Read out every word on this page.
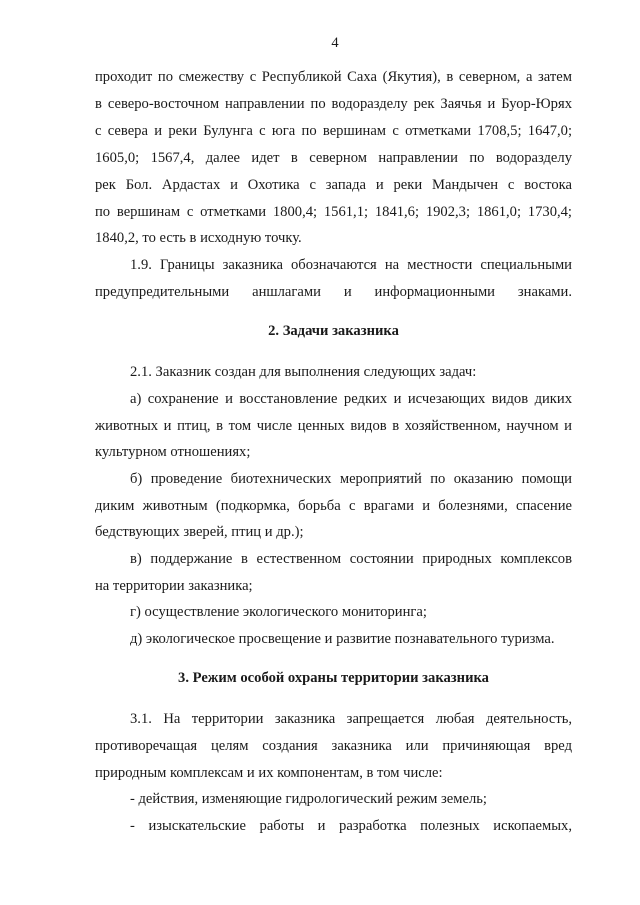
4
проходит по смежеству с Республикой Саха (Якутия), в северном, а затем
в северо-восточном направлении по водоразделу рек Заячья и Буор-Юрях
с севера и реки Булунга с юга по вершинам с отметками 1708,5; 1647,0;
1605,0; 1567,4, далее идет в северном направлении по водоразделу
рек Бол. Ардастах и Охотика с запада и реки Мандычен с востока
по вершинам с отметками 1800,4; 1561,1; 1841,6; 1902,3; 1861,0; 1730,4;
1840,2, то есть в исходную точку.
1.9. Границы заказника обозначаются на местности специальными
предупредительными аншлагами и информационными знаками.
2. Задачи заказника
2.1. Заказник создан для выполнения следующих задач:
а) сохранение и восстановление редких и исчезающих видов диких
животных и птиц, в том числе ценных видов в хозяйственном, научном и
культурном отношениях;
б) проведение биотехнических мероприятий по оказанию помощи
диким животным (подкормка, борьба с врагами и болезнями, спасение
бедствующих зверей, птиц и др.);
в) поддержание в естественном состоянии природных комплексов
на территории заказника;
г) осуществление экологического мониторинга;
д) экологическое просвещение и развитие познавательного туризма.
3. Режим особой охраны территории заказника
3.1. На территории заказника запрещается любая деятельность,
противоречащая целям создания заказника или причиняющая вред
природным комплексам и их компонентам, в том числе:
- действия, изменяющие гидрологический режим земель;
- изыскательские работы и разработка полезных ископаемых,
